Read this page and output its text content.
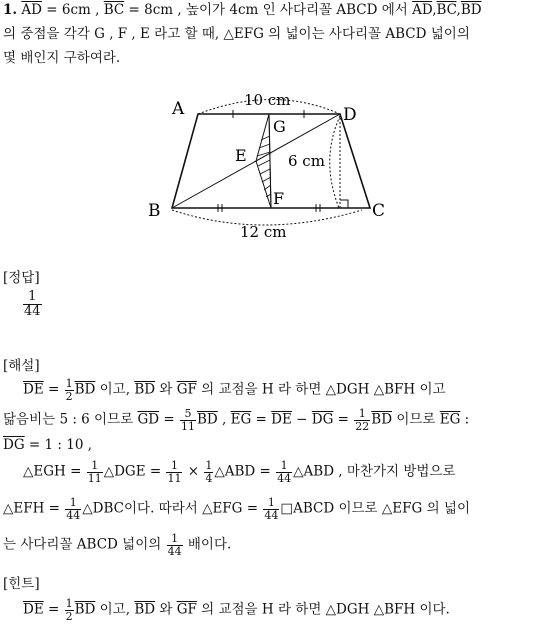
1. $\overline{AD} = 6cm$ , $\overline{BC} = 8cm$ , 높이가 4cm 인 사다리꼴 ABCD 에서 $\overline{AD},\overline{BC},\overline{BD}$
의 중점을 각각 G , F , E 라고 할 때, △EFG 의 넓이는 사다리꼴 ABCD 넓이의
몇 배인지 구하여라.
A	D
B	C
G
E
F
10 cm
6 cm
12 cm
[정답]
$\frac{1}{44}$
[해설]
$\overline{DE} = \frac{1}{2} \overline{BD}$ 이고, $\overline{BD}$ 와 $\overline{GF}$ 의 교점을 H 라 하면 △DGH △BFH 이고
닮음비는 5 : 6 이므로 $\overline{GD} = \frac{5}{11} \overline{BD}$ , $\overline{EG} = \overline{DE} - \overline{DG} = \frac{1}{22} \overline{BD}$ 이므로 $\overline{EG}$ :
$\overline{DG} = 1$ : 10 ,
△EGH = $\frac{1}{11}$ △DGE = $\frac{1}{11} \times \frac{1}{4}$ △ABD = $\frac{1}{44}$ △ABD , 마찬가지 방법으로
△EFH = $\frac{1}{44}$ △DBC이다. 따라서 △EFG = $\frac{1}{44}$ □ABCD 이므로 △EFG 의 넓이
는 사다리꼴 ABCD 넓이의 $\frac{1}{44}$ 배이다.
[힌트]
$\overline{DE} = \frac{1}{2} \overline{BD}$ 이고, $\overline{BD}$ 와 $\overline{GF}$ 의 교점을 H 라 하면 △DGH △BFH 이다.
